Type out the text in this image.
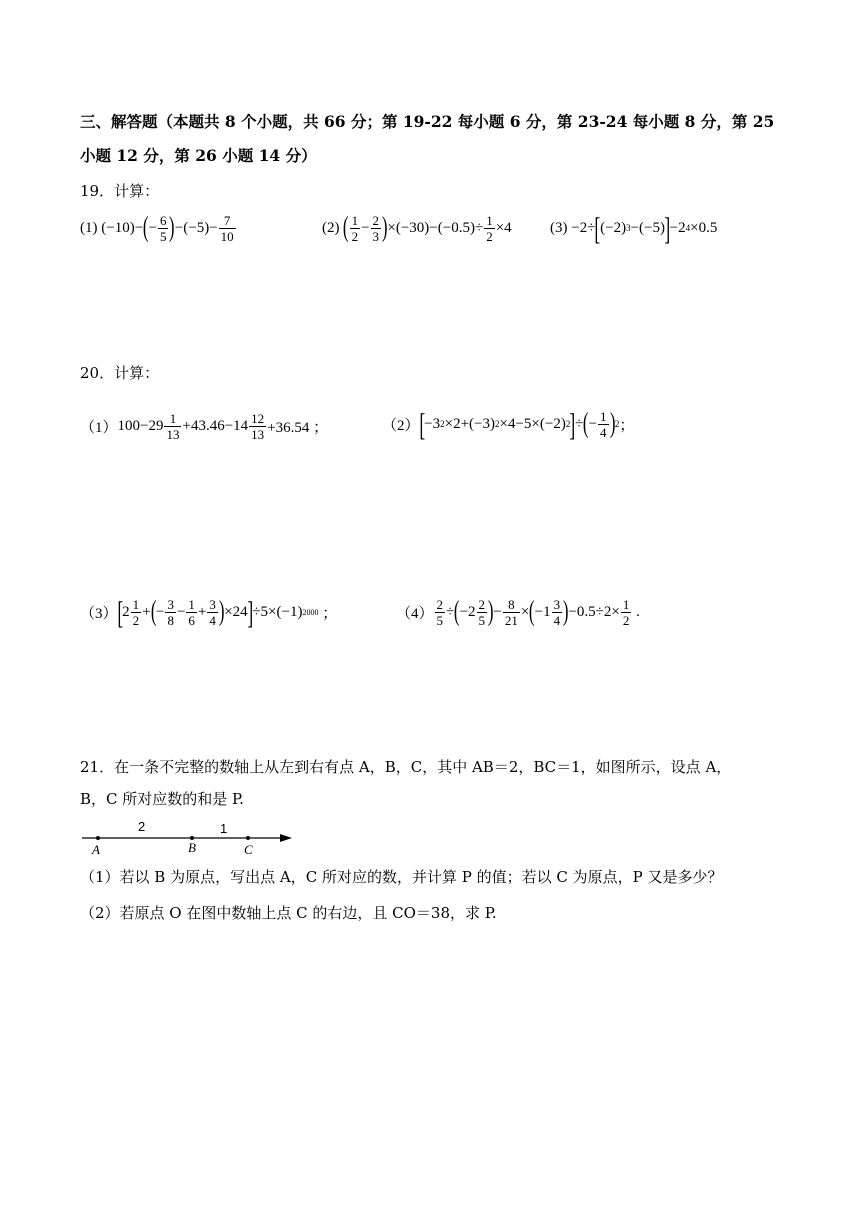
三、解答题（本题共 8 个小题，共 66 分；第 19-22 每小题 6 分，第 23-24 每小题 8 分，第 25
小题 12 分，第 26 小题 14 分）
19．计算：
(1) (−10)− ( − $\frac{6}{5}$ ) $-(-5)- \frac{7}{10}$	(2)
( $\frac{1}{2} - \frac{2}{3}$ ) $\times(-30)-(-0.5)\div \frac{1}{2} \times 4$	(3) −2÷ [ (−2) 3 −(−5) ] −2 4 ×0.5
20．计算：
（1） $100-29 \frac{1}{13} +43.46-14 \frac{12}{13} +36.54$ ；	（2） [ −3 2 ×2+(−3) 2 ×4−5×(−2) 2 ] ÷ ( − $\frac{1}{4}$ ) 2 ；
（3） [ $2 \frac{1}{2}$ + ( − $\frac{3}{8} - \frac{1}{6} + \frac{3}{4}$ ) ×24 ] ÷5×(−1) 2000 ；	$(4) \frac{2}{5}$ ÷ ( $-2 \frac{2}{5}$ ) − $\frac{8}{21}$ × ( $-1 \frac{3}{4}$ ) $-0.5\div 2\times \frac{1}{2}$ .
21．在一条不完整的数轴上从左到右有点 A，B，C，其中 AB＝2，BC＝1，如图所示，设点 A，
B，C 所对应数的和是 P.
2	1
A	B	C
（1）若以 B 为原点，写出点 A，C 所对应的数，并计算 P 的值；若以 C 为原点，P 又是多少？
（2）若原点 O 在图中数轴上点 C 的右边，且 CO＝38，求 P.
